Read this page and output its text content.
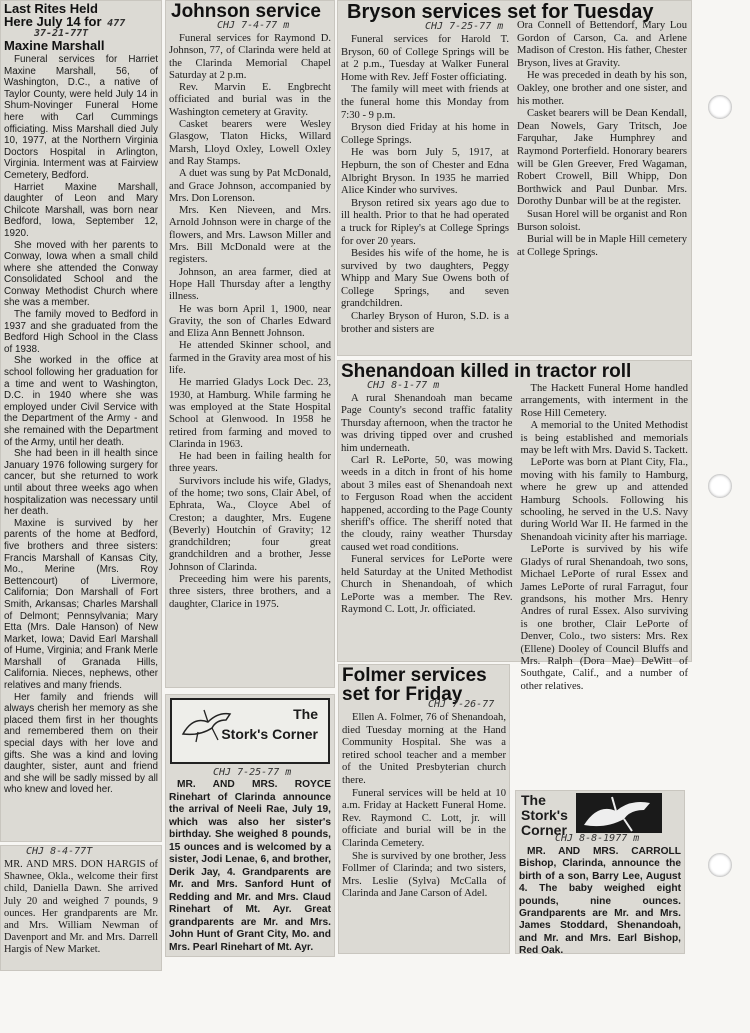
Last Rites Held
Here July 14 for 477
37-21-77T
Maxine Marshall

Funeral services for Harriet Maxine Marshall, 56, of Washington, D.C., a native of Taylor County, were held July 14 in Shum-Novinger Funeral Home here with Carl Cummings officiating. Miss Marshall died July 10, 1977, at the Northern Virginia Doctors Hospital in Arlington, Virginia. Interment was at Fairview Cemetery, Bedford.

Harriet Maxine Marshall, daughter of Leon and Mary Chilcote Marshall, was born near Bedford, Iowa, September 12, 1920.

She moved with her parents to Conway, Iowa when a small child where she attended the Conway Consolidated School and the Conway Methodist Church where she was a member.

The family moved to Bedford in 1937 and she graduated from the Bedford High School in the Class of 1938.

She worked in the office at school following her graduation for a time and went to Washington, D.C. in 1940 where she was employed under Civil Service with the Department of the Army - and she remained with the Department of the Army, until her death.

She had been in ill health since January 1976 following surgery for cancer, but she returned to work until about three weeks ago when hospitalization was necessary until her death.

Maxine is survived by her parents of the home at Bedford, five brothers and three sisters: Francis Marshall of Kansas City, Mo., Merine (Mrs. Roy Bettencourt) of Livermore, California; Don Marshall of Fort Smith, Arkansas; Charles Marshall of Delmont; Pennsylvania; Mary Etta (Mrs. Dale Hanson) of New Market, Iowa; David Earl Marshall of Hume, Virginia; and Frank Merle Marshall of Granada Hills, California. Nieces, nephews, other relatives and many friends.

Her family and friends will always cherish her memory as she placed them first in her thoughts and remembered them on their special days with her love and gifts. She was a kind and loving daughter, sister, aunt and friend and she will be sadly missed by all who knew and loved her.

CHJ 8-4-77T

MR. AND MRS. DON HARGIS of Shawnee, Okla., welcome their first child, Daniella Dawn. She arrived July 20 and weighed 7 pounds, 9 ounces. Her grandparents are Mr. and Mrs. William Newman of Davenport and Mr. and Mrs. Darrell Hargis of New Market.

Johnson service
CHJ 7-4-77 m

Funeral services for Raymond D. Johnson, 77, of Clarinda were held at the Clarinda Memorial Chapel Saturday at 2 p.m.

Rev. Marvin E. Engbrecht officiated and burial was in the Washington cemetery at Gravity.

Casket bearers were Wesley Glasgow, Tlaton Hicks, Willard Marsh, Lloyd Oxley, Lowell Oxley and Ray Stamps.

A duet was sung by Pat McDonald, and Grace Johnson, accompanied by Mrs. Don Lorenson.

Mrs. Ken Nieveen, and Mrs. Arnold Johnson were in charge of the flowers, and Mrs. Lawson Miller and Mrs. Bill McDonald were at the registers.

Johnson, an area farmer, died at Hope Hall Thursday after a lengthy illness.

He was born April 1, 1900, near Gravity, the son of Charles Edward and Eliza Ann Bennett Johnson.

He attended Skinner school, and farmed in the Gravity area most of his life.

He married Gladys Lock Dec. 23, 1930, at Hamburg. While farming he was employed at the State Hospital School at Glenwood. In 1958 he retired from farming and moved to Clarinda in 1963.

He had been in failing health for three years.

Survivors include his wife, Gladys, of the home; two sons, Clair Abel, of Ephrata, Wa., Cloyce Abel of Creston; a daughter, Mrs. Eugene (Beverly) Houtchin of Gravity; 12 grandchildren; four great grandchildren and a brother, Jesse Johnson of Clarinda.

Preceeding him were his parents, three sisters, three brothers, and a daughter, Clarice in 1975.

The
Stork's Corner
CHJ 7-25-77 m

MR. AND MRS. ROYCE Rinehart of Clarinda announce the arrival of Neeli Rae, July 19, which was also her sister's birthday. She weighed 8 pounds, 15 ounces and is welcomed by a sister, Jodi Lenae, 6, and brother, Derik Jay, 4. Grandparents are Mr. and Mrs. Sanford Hunt of Redding and Mr. and Mrs. Claud Rinehart of Mt. Ayr. Great grandparents are Mr. and Mrs. John Hunt of Grant City, Mo. and Mrs. Pearl Rinehart of Mt. Ayr.

Bryson services set for Tuesday
CHJ 7-25-77 m

Funeral services for Harold T. Bryson, 60 of College Springs will be at 2 p.m., Tuesday at Walker Funeral Home with Rev. Jeff Foster officiating.

The family will meet with friends at the funeral home this Monday from 7:30 - 9 p.m.

Bryson died Friday at his home in College Springs.

He was born July 5, 1917, at Hepburn, the son of Chester and Edna Albright Bryson. In 1935 he married Alice Kinder who survives.

Bryson retired six years ago due to ill health. Prior to that he had operated a truck for Ripley's at College Springs for over 20 years.

Besides his wife of the home, he is survived by two daughters, Peggy Whipp and Mary Sue Owens both of College Springs, and seven grandchildren.

Charley Bryson of Huron, S.D. is a brother and sisters are

Ora Connell of Bettendorf, Mary Lou Gordon of Carson, Ca. and Arlene Madison of Creston. His father, Chester Bryson, lives at Gravity.

He was preceded in death by his son, Oakley, one brother and one sister, and his mother.

Casket bearers will be Dean Kendall, Dean Nowels, Gary Tritsch, Joe Farquhar, Jake Humphrey and Raymond Porterfield. Honorary bearers will be Glen Greever, Fred Wagaman, Robert Crowell, Bill Whipp, Don Borthwick and Paul Dunbar. Mrs. Dorothy Dunbar will be at the register.

Susan Horel will be organist and Ron Burson soloist.

Burial will be in Maple Hill cemetery at College Springs.

Shenandoan killed in tractor roll
CHJ 8-1-77 m

A rural Shenandoah man became Page County's second traffic fatality Thursday afternoon, when the tractor he was driving tipped over and crushed him underneath.

Carl R. LePorte, 50, was mowing weeds in a ditch in front of his home about 3 miles east of Shenandoah next to Ferguson Road when the accident happened, according to the Page County sheriff's office. The sheriff noted that the cloudy, rainy weather Thursday caused wet road conditions.

Funeral services for LePorte were held Saturday at the United Methodist Church in Shenandoah, of which LePorte was a member. The Rev. Raymond C. Lott, Jr. officiated.

The Hackett Funeral Home handled arrangements, with interment in the Rose Hill Cemetery.

A memorial to the United Methodist is being established and memorials may be left with Mrs. David S. Tackett.

LePorte was born at Plant City, Fla., moving with his family to Hamburg, where he grew up and attended Hamburg Schools. Following his schooling, he served in the U.S. Navy during World War II. He farmed in the Shenandoah vicinity after his marriage.

LePorte is survived by his wife Gladys of rural Shenandoah, two sons, Michael LePorte of rural Essex and James LePorte of rural Farragut, four grandsons, his mother Mrs. Henry Andres of rural Essex. Also surviving is one brother, Clair LePorte of Denver, Colo., two sisters: Mrs. Rex (Ellene) Dooley of Council Bluffs and Mrs. Ralph (Dora Mae) DeWitt of Southgate, Calif., and a number of other relatives.

Folmer services
set for Friday
CHJ 7-26-77

Ellen A. Folmer, 76 of Shenandoah, died Tuesday morning at the Hand Community Hospital. She was a retired school teacher and a member of the United Presbyterian church there.

Funeral services will be held at 10 a.m. Friday at Hackett Funeral Home. Rev. Raymond C. Lott, jr. will officiate and burial will be in the Clarinda Cemetery.

She is survived by one brother, Jess Follmer of Clarinda; and two sisters, Mrs. Leslie (Sylva) McCalla of Clarinda and Jane Carson of Adel.

The
Stork's
Corner
CHJ 8-8-1977 m

MR. AND MRS. CARROLL Bishop, Clarinda, announce the birth of a son, Barry Lee, August 4. The baby weighed eight pounds, nine ounces. Grandparents are Mr. and Mrs. James Stoddard, Shenandoah, and Mr. and Mrs. Earl Bishop, Red Oak.
